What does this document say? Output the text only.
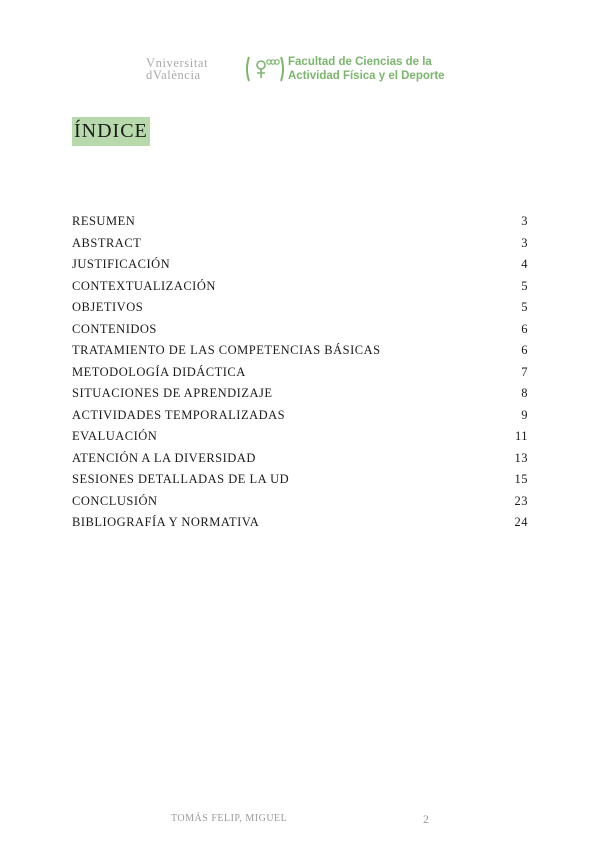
Vniversitat
dValència
Facultad de Ciencias de la
Actividad Física y el Deporte
ÍNDICE
RESUMEN	3
ABSTRACT	3
JUSTIFICACIÓN	4
CONTEXTUALIZACIÓN	5
OBJETIVOS	5
CONTENIDOS	6
TRATAMIENTO DE LAS COMPETENCIAS BÁSICAS	6
METODOLOGÍA DIDÁCTICA	7
SITUACIONES DE APRENDIZAJE	8
ACTIVIDADES TEMPORALIZADAS	9
EVALUACIÓN	11
ATENCIÓN A LA DIVERSIDAD	13
SESIONES DETALLADAS DE LA UD	15
CONCLUSIÓN	23
BIBLIOGRAFÍA Y NORMATIVA	24
TOMÁS FELIP, MIGUEL	2
